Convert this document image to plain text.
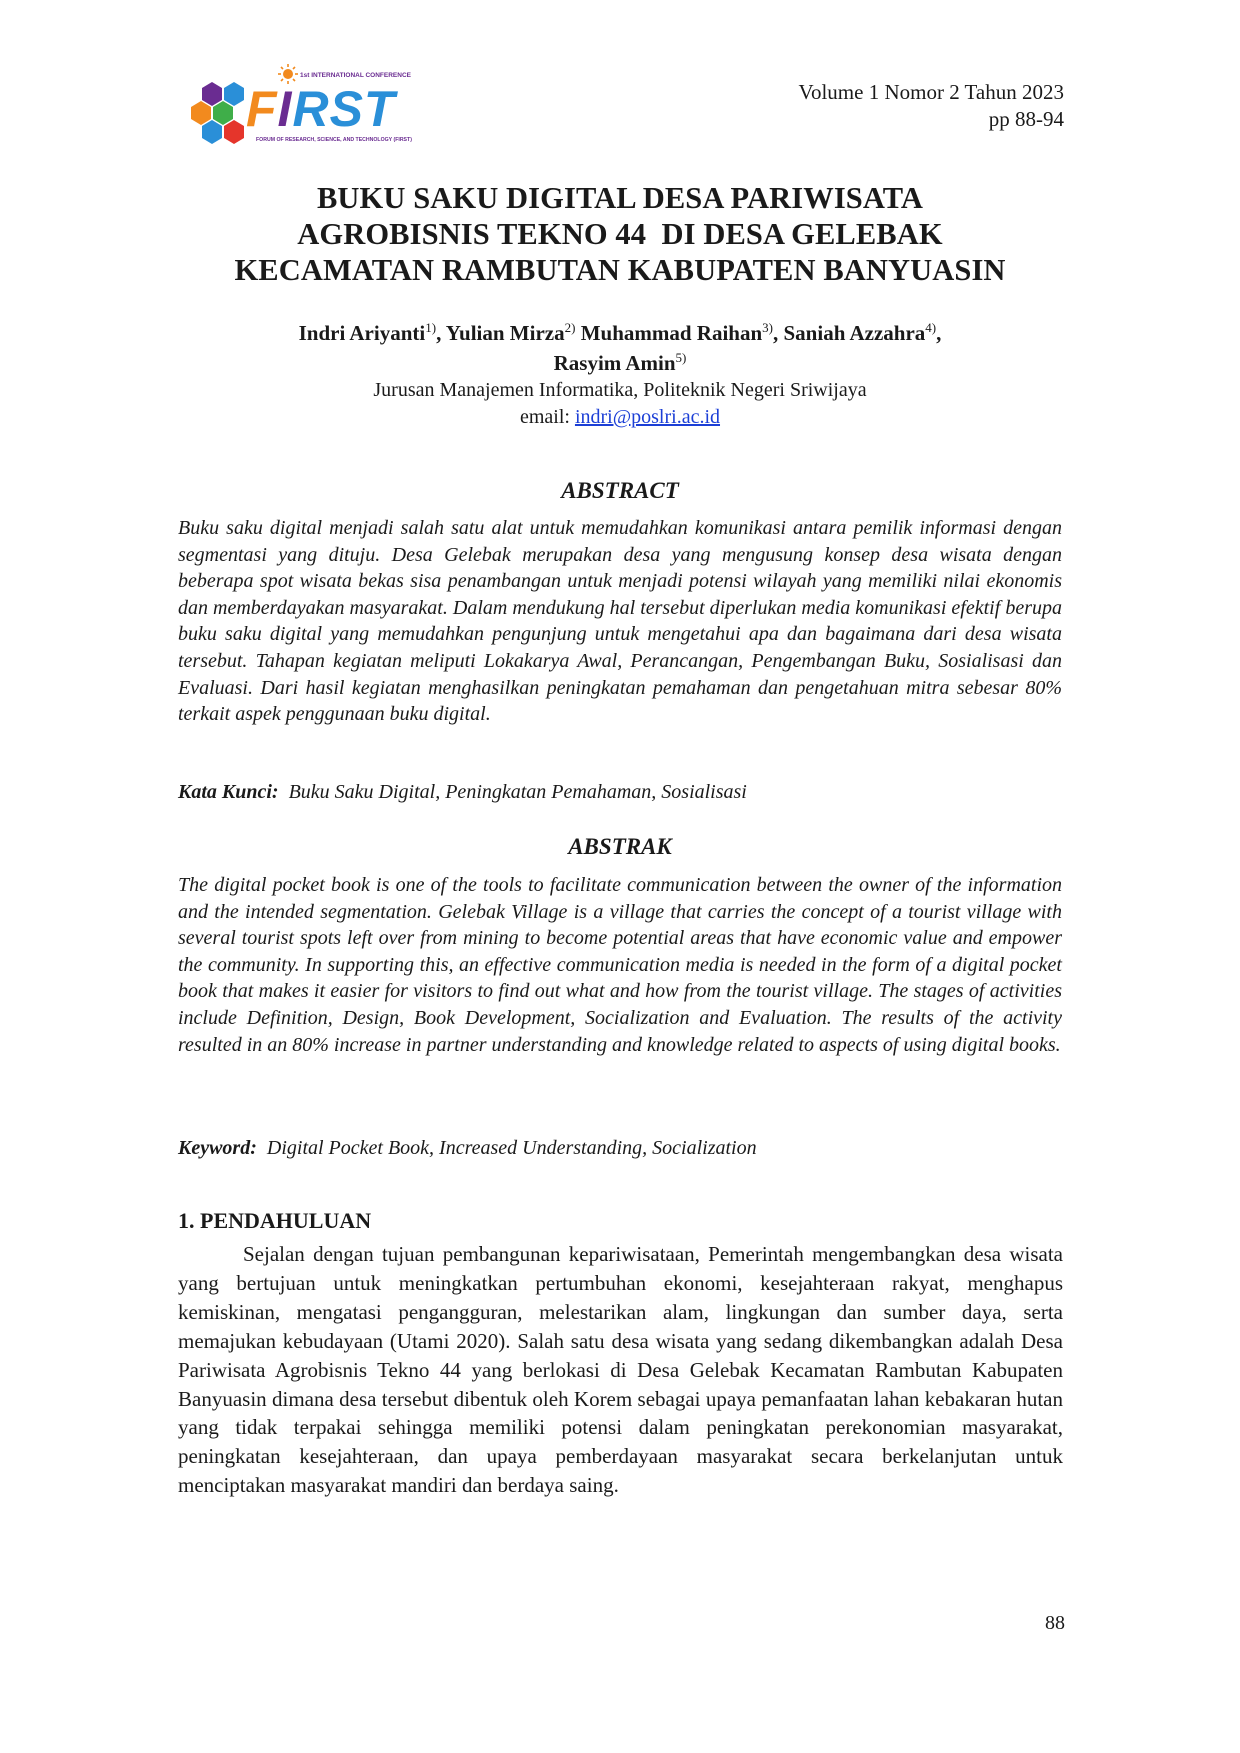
1st INTERNATIONAL CONFERENCE
FIRST
FORUM OF RESEARCH, SCIENCE, AND TECHNOLOGY (FIRST)
Volume 1 Nomor 2 Tahun 2023
pp 88-94
BUKU SAKU DIGITAL DESA PARIWISATA
AGROBISNIS TEKNO 44  DI DESA GELEBAK
KECAMATAN RAMBUTAN KABUPATEN BANYUASIN
Indri Ariyanti$^{1)}$, Yulian Mirza$^{2)}$ Muhammad Raihan$^{3)}$, Saniah Azzahra$^{4)}$,
Rasyim Amin$^{5)}$
Jurusan Manajemen Informatika, Politeknik Negeri Sriwijaya
email: indri@poslri.ac.id
ABSTRACT
Buku saku digital menjadi salah satu alat untuk memudahkan komunikasi antara pemilik informasi dengan segmentasi yang dituju. Desa Gelebak merupakan desa yang mengusung konsep desa wisata dengan beberapa spot wisata bekas sisa penambangan untuk menjadi potensi wilayah yang memiliki nilai ekonomis dan memberdayakan masyarakat. Dalam mendukung hal tersebut diperlukan media komunikasi efektif berupa buku saku digital yang memudahkan pengunjung untuk mengetahui apa dan bagaimana dari desa wisata tersebut. Tahapan kegiatan meliputi Lokakarya Awal, Perancangan, Pengembangan Buku, Sosialisasi dan Evaluasi. Dari hasil kegiatan menghasilkan peningkatan pemahaman dan pengetahuan mitra sebesar 80% terkait aspek penggunaan buku digital.
Kata Kunci: Buku Saku Digital, Peningkatan Pemahaman, Sosialisasi
ABSTRAK
The digital pocket book is one of the tools to facilitate communication between the owner of the information and the intended segmentation. Gelebak Village is a village that carries the concept of a tourist village with several tourist spots left over from mining to become potential areas that have economic value and empower the community. In supporting this, an effective communication media is needed in the form of a digital pocket book that makes it easier for visitors to find out what and how from the tourist village. The stages of activities include Definition, Design, Book Development, Socialization and Evaluation. The results of the activity resulted in an 80% increase in partner understanding and knowledge related to aspects of using digital books.
Keyword: Digital Pocket Book, Increased Understanding, Socialization
1. PENDAHULUAN
Sejalan dengan tujuan pembangunan kepariwisataan, Pemerintah mengembangkan desa wisata yang bertujuan untuk meningkatkan pertumbuhan ekonomi, kesejahteraan rakyat, menghapus kemiskinan, mengatasi pengangguran, melestarikan alam, lingkungan dan sumber daya, serta memajukan kebudayaan (Utami 2020). Salah satu desa wisata yang sedang dikembangkan adalah Desa Pariwisata Agrobisnis Tekno 44 yang berlokasi di Desa Gelebak Kecamatan Rambutan Kabupaten Banyuasin dimana desa tersebut dibentuk oleh Korem sebagai upaya pemanfaatan lahan kebakaran hutan yang tidak terpakai sehingga memiliki potensi dalam peningkatan perekonomian masyarakat, peningkatan kesejahteraan, dan upaya pemberdayaan masyarakat secara berkelanjutan untuk menciptakan masyarakat mandiri dan berdaya saing.
88
